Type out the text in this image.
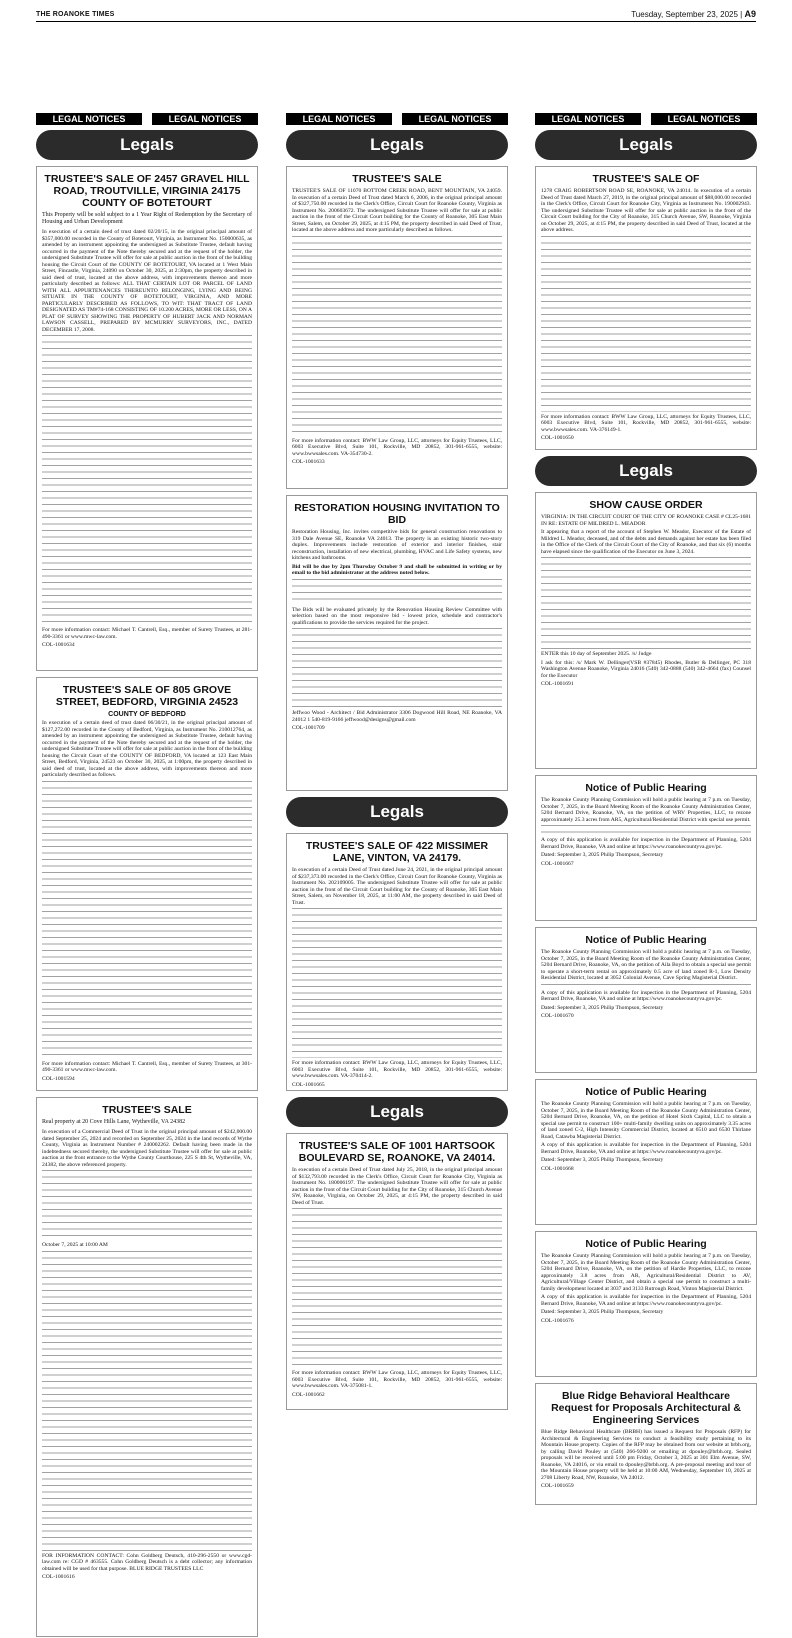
THE ROANOKE TIMES	Tuesday, September 23, 2025 | A9
LEGAL NOTICES	LEGAL NOTICES	LEGAL NOTICES	LEGAL NOTICES	LEGAL NOTICES	LEGAL NOTICES
Legals
TRUSTEE'S SALE OF 2457 GRAVEL HILL ROAD, TROUTVILLE, VIRGINIA 24175 COUNTY OF BOTETOURT

This Property will be sold subject to a 1 Year Right of Redemption by the Secretary of Housing and Urban Development

In execution of a certain deed of trust dated 02/20/15, in the original principal amount of $357,000.00 recorded in the County of Botetourt, Virginia, as Instrument No. 150000635, as amended by an instrument appointing the undersigned as Substitute Trustee, default having occurred in the payment of the Note thereby secured and at the request of the holder, the undersigned Substitute Trustee will offer for sale at public auction in the front of the building housing the Circuit Court of the COUNTY OF BOTETOURT, VA located at 1 West Main Street, Fincastle, Virginia, 24090 on October 30, 2025, at 2:30pm, the property described in said deed of trust, located at the above address, with improvements thereon and more particularly described as follows: ALL THAT CERTAIN LOT OR PARCEL OF LAND WITH ALL APPURTENANCES THEREUNTO BELONGING, LYING AND BEING SITUATE IN THE COUNTY OF BOTETOURT, VIRGINIA, AND MORE PARTICULARLY DESCRIBED AS FOLLOWS, TO WIT: THAT TRACT OF LAND DESIGNATED AS TM#74-168 CONSISTING OF 10.200 ACRES, MORE OR LESS, ON A PLAT OF SURVEY SHOWING THE PROPERTY OF HUBERT JACK AND NORMAN LAWSON CASSELL, PREPARED BY MCMURRY SURVEYORS, INC., DATED DECEMBER 17, 2008.

For more information contact: Michael T. Cantrell, Esq., member of Surety Trustees, at 281-490-3361 or www.mwc-law.com.

COL-1001634
TRUSTEE'S SALE OF 805 GROVE STREET, BEDFORD, VIRGINIA 24523
COUNTY OF BEDFORD

In execution of a certain deed of trust dated 06/30/21, in the original principal amount of $127,272.00 recorded in the County of Bedford, Virginia, as Instrument No. 210012764, as amended by an instrument appointing the undersigned as Substitute Trustee, default having occurred in the payment of the Note thereby secured and at the request of the holder, the undersigned Substitute Trustee will offer for sale at public auction in the front of the building housing the Circuit Court of the COUNTY OF BEDFORD, VA located at 123 East Main Street, Bedford, Virginia, 24523 on October 30, 2025, at 1:00pm, the property described in said deed of trust, located at the above address, with improvements thereon and more particularly described as follows.

For more information contact: Michael T. Cantrell, Esq., member of Surety Trustees, at 301-490-3361 or www.mwc-law.com.

COL-1001594
TRUSTEE'S SALE

Real property at 20 Cove Hills Lane, Wytheville, VA 24382

In execution of a Commercial Deed of Trust in the original principal amount of $242,000.00 dated September 25, 2024 and recorded on September 25, 2024 in the land records of Wythe County, Virginia as Instrument Number # 240002262. Default having been made in the indebtedness secured thereby, the undersigned Substitute Trustee will offer for sale at public auction at the front entrance to the Wythe County Courthouse, 225 S 4th St, Wytheville, VA, 24382, the above referenced property.

October 7, 2025 at 10:00 AM

FOR INFORMATION CONTACT: Cohn Goldberg Deutsch, 410-296-2550 or www.cgd-law.com re: CGD # 463555. Cohn Goldberg Deutsch is a debt collector; any information obtained will be used for that purpose. BLUE RIDGE TRUSTEES LLC

COL-1001616
Legals
TRUSTEE'S SALE

TRUSTEE'S SALE OF 11070 BOTTOM CREEK ROAD, BENT MOUNTAIN, VA 24059. In execution of a certain Deed of Trust dated March 6, 2006, in the original principal amount of $327,750.00 recorded in the Clerk's Office, Circuit Court for Roanoke County, Virginia as Instrument No. 200603672. The undersigned Substitute Trustee will offer for sale at public auction in the front of the Circuit Court building for the County of Roanoke, 305 East Main Street, Salem, on October 29, 2025, at 4:15 PM, the property described in said Deed of Trust, located at the above address and more particularly described as follows.

For more information contact: BWW Law Group, LLC, attorneys for Equity Trustees, LLC, 6003 Executive Blvd, Suite 101, Rockville, MD 20852, 301-961-6555, website: www.bwwsales.com. VA-354730-2.

COL-1001633
RESTORATION HOUSING INVITATION TO BID

Restoration Housing, Inc. invites competitive bids for general construction renovations to 319 Dale Avenue SE, Roanoke VA 24013. The property is an existing historic two-story duplex. Improvements include restoration of exterior and interior finishes, stair reconstruction, installation of new electrical, plumbing, HVAC and Life Safety systems, new kitchens and bathrooms.

Bid will be due by 2pm Thursday October 9 and shall be submitted in writing or by email to the bid administrator at the address noted below.

The Bids will be evaluated privately by the Renovation Housing Review Committee with selection based on the most responsive bid - lowest price, schedule and contractor's qualifications to provide the services required for the project.

Jeffwoo Wood - Architect / Bid Administrator 3306 Dogwood Hill Road, NE Roanoke, VA 24012 1 540-819-9166 jeffwood@designs@gmail.com

COL-1001709
Legals
TRUSTEE'S SALE OF 422 MISSIMER LANE, VINTON, VA 24179.

In execution of a certain Deed of Trust dated June 24, 2021, in the original principal amount of $237,373.00 recorded in the Clerk's Office, Circuit Court for Roanoke County, Virginia as Instrument No. 202109005. The undersigned Substitute Trustee will offer for sale at public auction in the front of the Circuit Court building for the County of Roanoke, 305 East Main Street, Salem, on November 18, 2025, at 11:00 AM, the property described in said Deed of Trust.

For more information contact: BWW Law Group, LLC, attorneys for Equity Trustees, LLC, 6003 Executive Blvd, Suite 101, Rockville, MD 20852, 301-961-6555, website: www.bwwsales.com. VA-370414-2.

COL-1001665
Legals
TRUSTEE'S SALE OF 1001 HARTSOOK BOULEVARD SE, ROANOKE, VA 24014.

In execution of a certain Deed of Trust dated July 25, 2018, in the original principal amount of $132,793.00 recorded in the Clerk's Office, Circuit Court for Roanoke City, Virginia as Instrument No. 180006197. The undersigned Substitute Trustee will offer for sale at public auction in the front of the Circuit Court building for the City of Roanoke, 315 Church Avenue SW, Roanoke, Virginia, on October 29, 2025, at 4:15 PM, the property described in said Deed of Trust.

For more information contact: BWW Law Group, LLC, attorneys for Equity Trustees, LLC, 6003 Executive Blvd, Suite 101, Rockville, MD 20852, 301-961-6555, website: www.bwwsales.com. VA-375081-1.

COL-1001662
Legals
TRUSTEE'S SALE OF

1278 CRAIG ROBERTSON ROAD SE, ROANOKE, VA 24014. In execution of a certain Deed of Trust dated March 27, 2019, in the original principal amount of $88,000.00 recorded in the Clerk's Office, Circuit Court for Roanoke City, Virginia as Instrument No. 190002943. The undersigned Substitute Trustee will offer for sale at public auction in the front of the Circuit Court building for the City of Roanoke, 315 Church Avenue, SW, Roanoke, Virginia on October 29, 2025, at 4:15 PM, the property described in said Deed of Trust, located at the above address.

For more information contact: BWW Law Group, LLC, attorneys for Equity Trustees, LLC, 6003 Executive Blvd, Suite 101, Rockville, MD 20852, 301-961-6555, website: www.bwwsales.com. VA-376149-1.

COL-1001650
Legals
SHOW CAUSE ORDER

VIRGINIA: IN THE CIRCUIT COURT OF THE CITY OF ROANOKE CASE # CL25-1681 IN RE: ESTATE OF MILDRED L. MEADOR

It appearing that a report of the account of Stephen W. Meador, Executor of the Estate of Mildred L. Meador, deceased, and of the debts and demands against her estate has been filed in the Office of the Clerk of the Circuit Court of the City of Roanoke, and that six (6) months have elapsed since the qualification of the Executor on June 3, 2024.

ENTER this 10 day of September 2025. /s/ Judge

I ask for this: /s/ Mark W. Dellinger(VSB #37845) Rhodes, Butler & Dellinger, PC 318 Washington Avenue Roanoke, Virginia 24016 (540) 342-0888 (540) 342-4664 (fax) Counsel for the Executor

COL-1001691
Notice of Public Hearing

The Roanoke County Planning Commission will hold a public hearing at 7 p.m. on Tuesday, October 7, 2025, in the Board Meeting Room of the Roanoke County Administration Center, 5204 Bernard Drive, Roanoke, VA, on the petition of WRV Properties, LLC, to rezone approximately 25.3 acres from AR5, Agricultural/Residential District with special use permit.

A copy of this application is available for inspection in the Department of Planning, 5204 Bernard Drive, Roanoke, VA and online at https://www.roanokecountyva.gov/pc.

Dated: September 3, 2025 Philip Thompson, Secretary

COL-1001667
Notice of Public Hearing

The Roanoke County Planning Commission will hold a public hearing at 7 p.m. on Tuesday, October 7, 2025, in the Board Meeting Room of the Roanoke County Administration Center, 5204 Bernard Drive, Roanoke, VA, on the petition of Aila Boyd to obtain a special use permit to operate a short-term rental on approximately 0.5 acre of land zoned R-1, Low Density Residential District, located at 3052 Colonial Avenue, Cave Spring Magisterial District.

A copy of this application is available for inspection in the Department of Planning, 5204 Bernard Drive, Roanoke, VA and online at https://www.roanokecountyva.gov/pc.

Dated: September 3, 2025 Philip Thompson, Secretary

COL-1001670
Notice of Public Hearing

The Roanoke County Planning Commission will hold a public hearing at 7 p.m. on Tuesday, October 7, 2025, in the Board Meeting Room of the Roanoke County Administration Center, 5204 Bernard Drive, Roanoke, VA, on the petition of Hotel Sixth Capital, LLC to obtain a special use permit to construct 100+ multi-family dwelling units on approximately 3.35 acres of land zoned C-2, High Intensity Commercial District, located at 6510 and 6530 Thirlane Road, Catawba Magisterial District.

A copy of this application is available for inspection in the Department of Planning, 5204 Bernard Drive, Roanoke, VA and online at https://www.roanokecountyva.gov/pc.

Dated: September 3, 2025 Philip Thompson, Secretary

COL-1001668
Notice of Public Hearing

The Roanoke County Planning Commission will hold a public hearing at 7 p.m. on Tuesday, October 7, 2025, in the Board Meeting Room of the Roanoke County Administration Center, 5204 Bernard Drive, Roanoke, VA, on the petition of Hardie Properties, LLC, to rezone approximately 3.8 acres from AR, Agricultural/Residential District to AV, Agricultural/Village Center District, and obtain a special use permit to construct a multi-family development located at 3037 and 3133 Rutrough Road, Vinton Magisterial District.

A copy of this application is available for inspection in the Department of Planning, 5204 Bernard Drive, Roanoke, VA and online at https://www.roanokecountyva.gov/pc.

Dated: September 3, 2025 Philip Thompson, Secretary

COL-1001676
Blue Ridge Behavioral Healthcare Request for Proposals Architectural & Engineering Services

Blue Ridge Behavioral Healthcare (BRBH) has issued a Request for Proposals (RFP) for Architectural & Engineering Services to conduct a feasibility study pertaining to its Mountain House property. Copies of the RFP may be obtained from our website at brbh.org, by calling David Pouley at (540) 266-9200 or emailing at dpouley@brbh.org. Sealed proposals will be received until 5:00 pm Friday, October 3, 2025 at 301 Elm Avenue, SW, Roanoke, VA 24016, or via email to dpouley@brbh.org. A pre-proposal meeting and tour of the Mountain House property will be held at 10:00 AM, Wednesday, September 10, 2025 at 2708 Liberty Road, NW, Roanoke, VA 24012.

COL-1001659
